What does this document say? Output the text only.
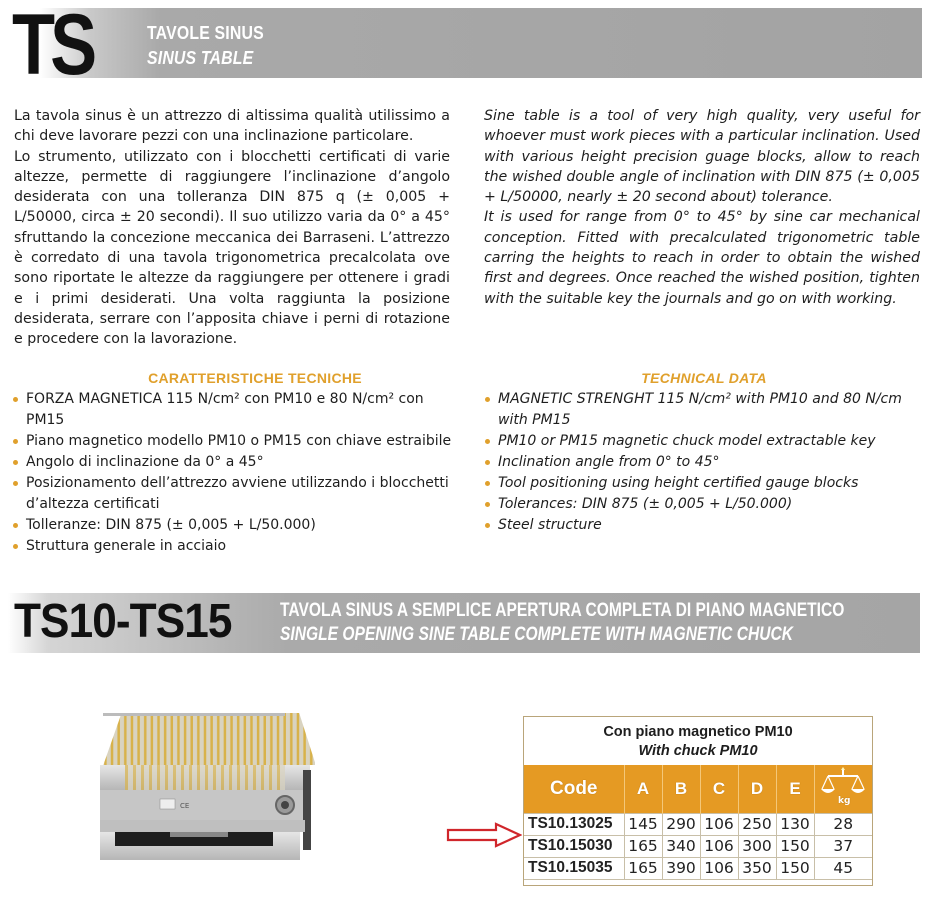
TS	TAVOLE SINUS
SINUS TABLE

La tavola sinus è un attrezzo di altissima qualità utilissimo a chi deve lavorare pezzi con una inclinazione particolare.

Lo strumento, utilizzato con i blocchetti certificati di varie altezze, permette di raggiungere l’inclinazione d’angolo desiderata con una tolleranza DIN 875 q (± 0,005 + L/50000, circa ± 20 secondi). Il suo utilizzo varia da 0° a 45° sfruttando la concezione meccanica dei Barraseni. L’attrezzo è corredato di una tavola trigonometrica precalcolata ove sono riportate le altezze da raggiungere per ottenere i gradi e i primi desiderati. Una volta raggiunta la posizione desiderata, serrare con l’apposita chiave i perni di rotazione e procedere con la lavorazione.

Sine table is a tool of very high quality, very useful for whoever must work pieces with a particular inclination. Used with various height precision guage blocks, allow to reach the wished double angle of inclination with DIN 875 (± 0,005 + L/50000, nearly ± 20 second about) tolerance.

It is used for range from 0° to 45° by sine car mechanical conception. Fitted with precalculated trigonometric table carring the heights to reach in order to obtain the wished first and degrees. Once reached the wished position, tighten with the suitable key the journals and go on with working.

CARATTERISTICHE TECNICHE
FORZA MAGNETICA 115 N/cm² con PM10 e 80 N/cm² con PM15
Piano magnetico modello PM10 o PM15 con chiave estraibile
Angolo di inclinazione da 0° a 45°
Posizionamento dell’attrezzo avviene utilizzando i blocchetti d’altezza certificati
Tolleranze: DIN 875 (± 0,005 + L/50.000)
Struttura generale in acciaio
TECHNICAL DATA
MAGNETIC STRENGHT 115 N/cm² with PM10 and 80 N/cm with PM15
PM10 or PM15 magnetic chuck model extractable key
Inclination angle from 0° to 45°
Tool positioning using height certified gauge blocks
Tolerances: DIN 875 (± 0,005 + L/50.000)
Steel structure
TS10-TS15	TAVOLA SINUS A SEMPLICE APERTURA COMPLETA DI PIANO MAGNETICO
SINGLE OPENING SINE TABLE COMPLETE WITH MAGNETIC CHUCK
CE
Con piano magnetico PM10
With chuck PM10
Code	A	B	C	D	E	kg

TS10.13025	145	290	106	250	130	28
TS10.15030	165	340	106	300	150	37
TS10.15035	165	390	106	350	150	45
